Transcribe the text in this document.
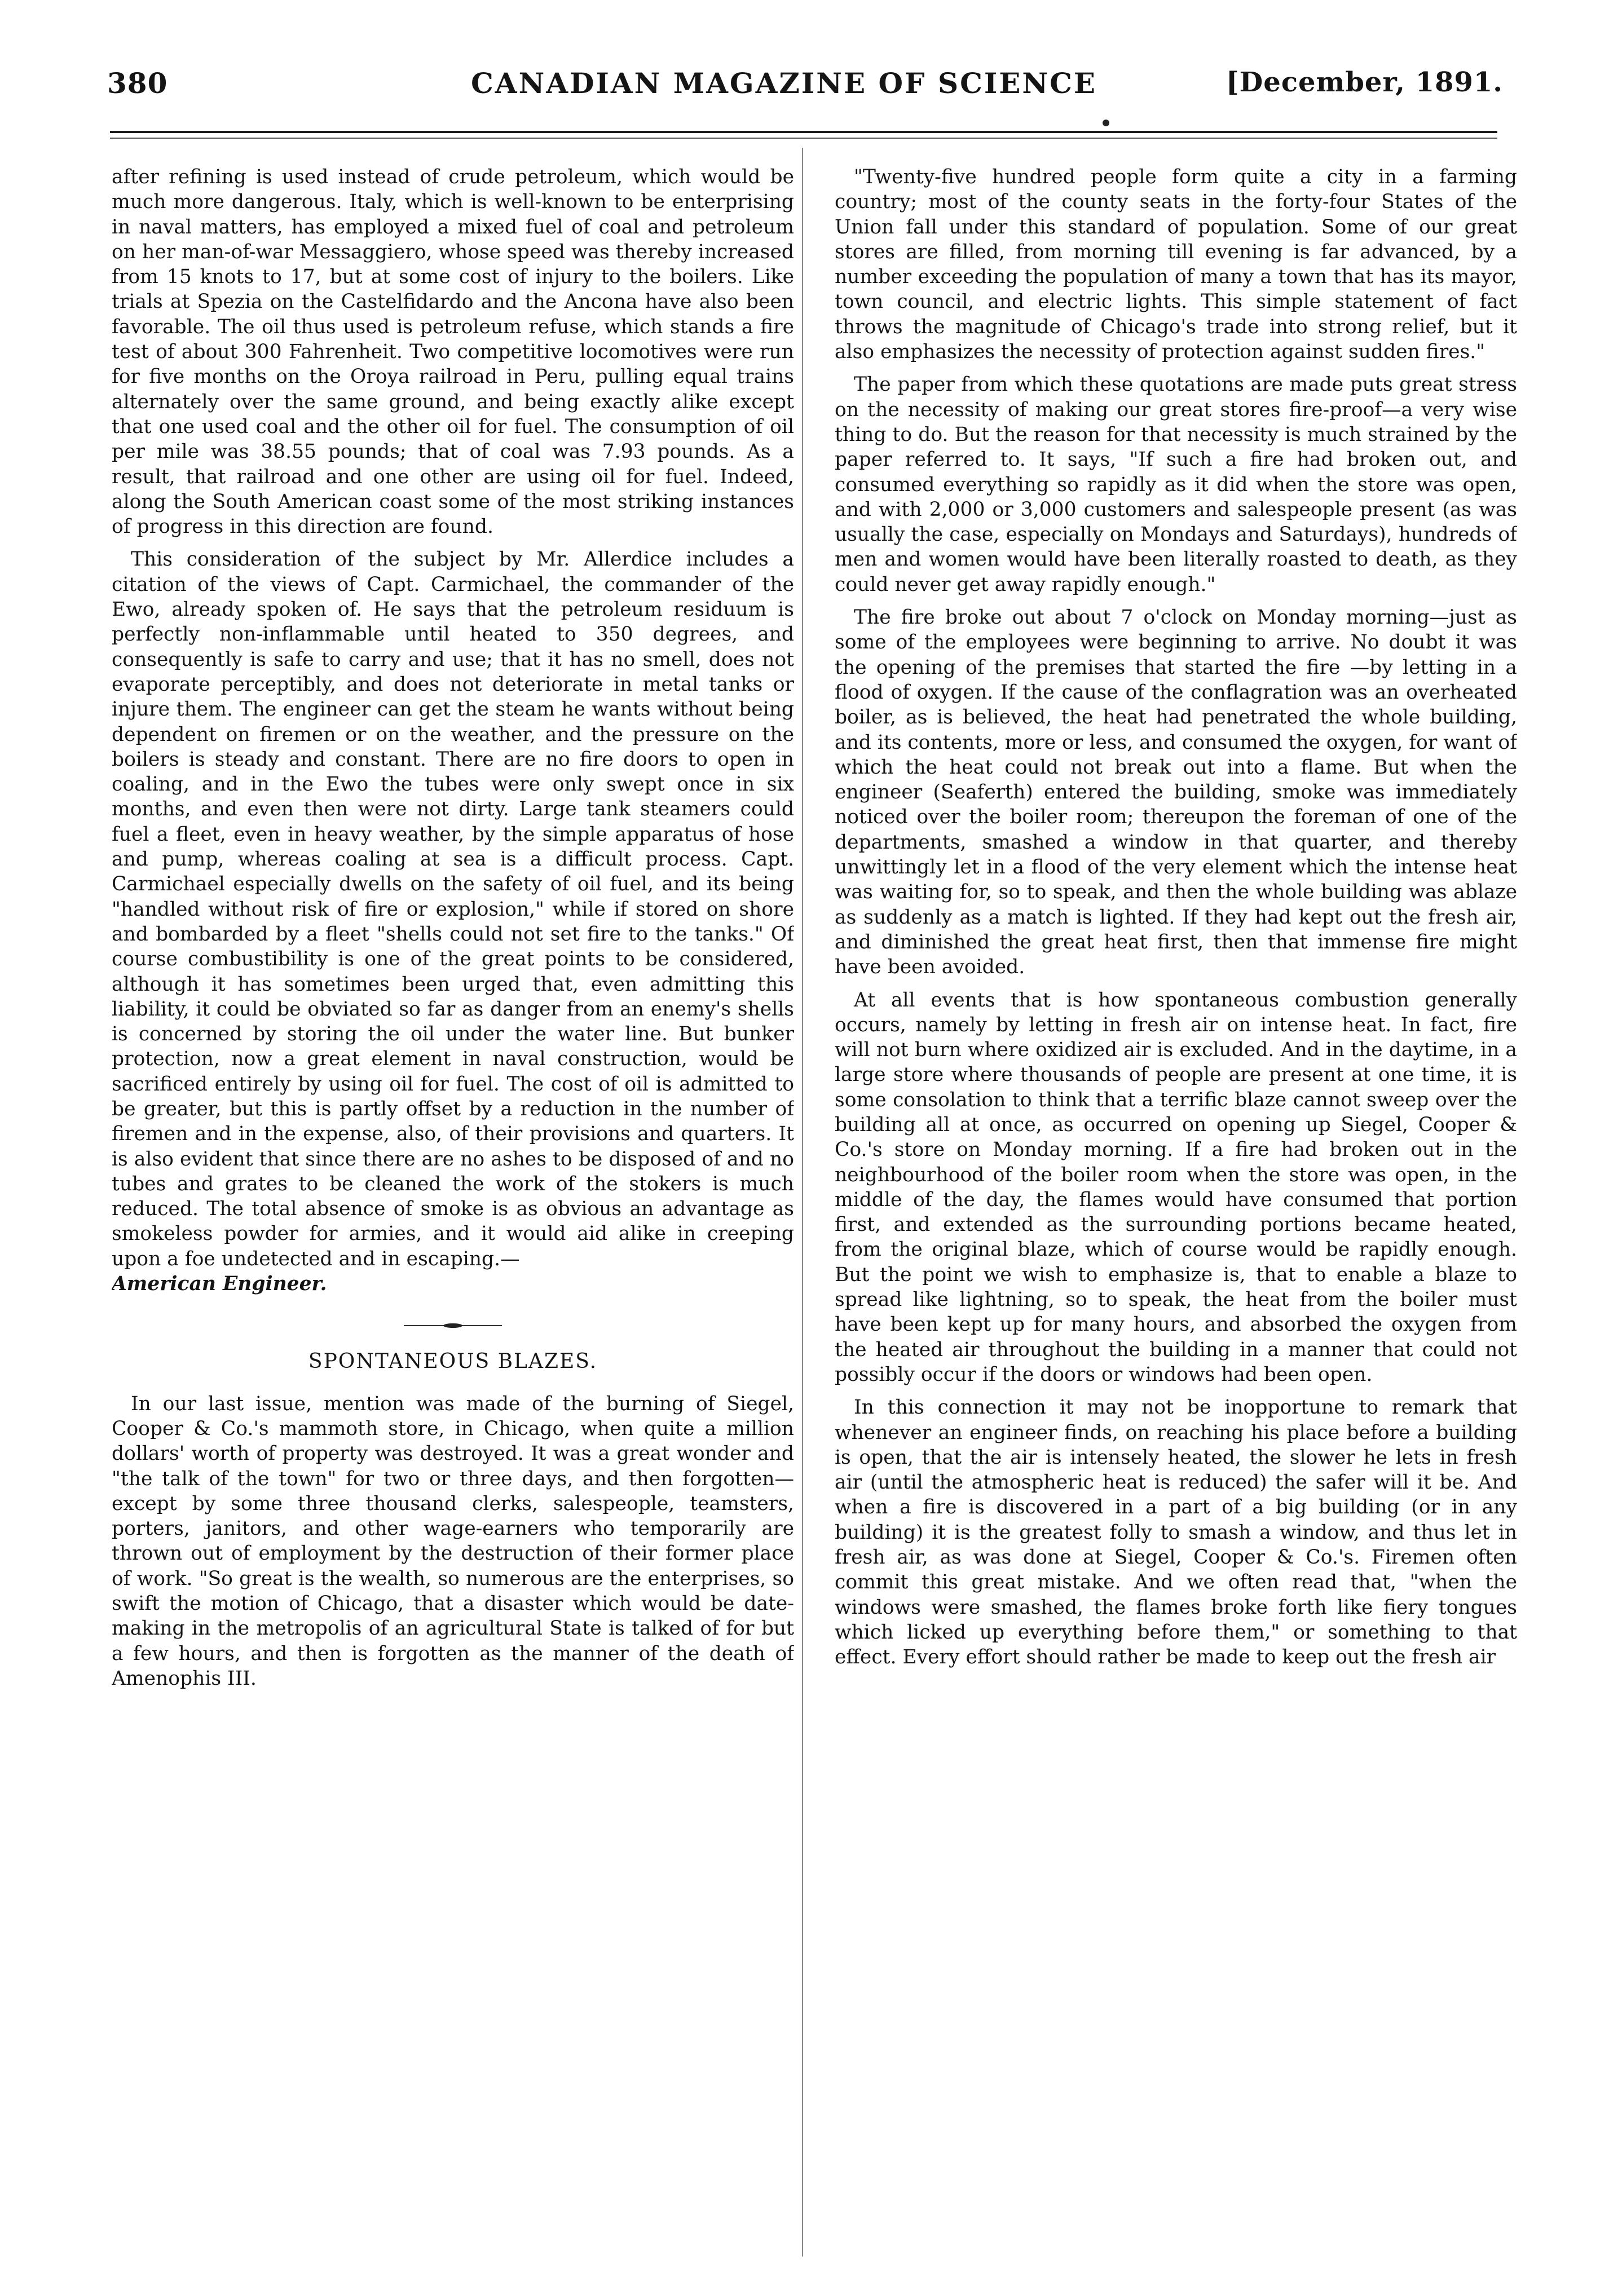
380	CANADIAN MAGAZINE OF SCIENCE	[December, 1891.

after refining is used instead of crude petroleum, which would be much more dangerous. Italy, which is well-known to be enterprising in naval matters, has employed a mixed fuel of coal and petroleum on her man-of-war Messaggiero, whose speed was thereby increased from 15 knots to 17, but at some cost of injury to the boilers. Like trials at Spezia on the Castelfidardo and the Ancona have also been favorable. The oil thus used is petroleum refuse, which stands a fire test of about 300 Fahrenheit. Two competitive locomotives were run for five months on the Oroya railroad in Peru, pulling equal trains alternately over the same ground, and being exactly alike except that one used coal and the other oil for fuel. The consumption of oil per mile was 38.55 pounds; that of coal was 7.93 pounds. As a result, that railroad and one other are using oil for fuel. Indeed, along the South American coast some of the most striking instances of progress in this direction are found.

This consideration of the subject by Mr. Allerdice includes a citation of the views of Capt. Carmichael, the commander of the Ewo, already spoken of. He says that the petroleum residuum is perfectly non-inflammable until heated to 350 degrees, and consequently is safe to carry and use; that it has no smell, does not evaporate perceptibly, and does not deteriorate in metal tanks or injure them. The engineer can get the steam he wants without being dependent on firemen or on the weather, and the pressure on the boilers is steady and constant. There are no fire doors to open in coaling, and in the Ewo the tubes were only swept once in six months, and even then were not dirty. Large tank steamers could fuel a fleet, even in heavy weather, by the simple apparatus of hose and pump, whereas coaling at sea is a difficult process. Capt. Carmichael especially dwells on the safety of oil fuel, and its being "handled without risk of fire or explosion," while if stored on shore and bombarded by a fleet "shells could not set fire to the tanks." Of course combustibility is one of the great points to be considered, although it has sometimes been urged that, even admitting this liability, it could be obviated so far as danger from an enemy's shells is concerned by storing the oil under the water line. But bunker protection, now a great element in naval construction, would be sacrificed entirely by using oil for fuel. The cost of oil is admitted to be greater, but this is partly offset by a reduction in the number of firemen and in the expense, also, of their provisions and quarters. It is also evident that since there are no ashes to be disposed of and no tubes and grates to be cleaned the work of the stokers is much reduced. The total absence of smoke is as obvious an advantage as smokeless powder for armies, and it would aid alike in creeping upon a foe undetected and in escaping.—

American Engineer.

SPONTANEOUS BLAZES.

In our last issue, mention was made of the burning of Siegel, Cooper & Co.'s mammoth store, in Chicago, when quite a million dollars' worth of property was destroyed. It was a great wonder and "the talk of the town" for two or three days, and then forgotten—except by some three thousand clerks, salespeople, teamsters, porters, janitors, and other wage-earners who temporarily are thrown out of employment by the destruction of their former place of work. "So great is the wealth, so numerous are the enterprises, so swift the motion of Chicago, that a disaster which would be date-making in the metropolis of an agricultural State is talked of for but a few hours, and then is forgotten as the manner of the death of Amenophis III.

"Twenty-five hundred people form quite a city in a farming country; most of the county seats in the forty-four States of the Union fall under this standard of population. Some of our great stores are filled, from morning till evening is far advanced, by a number exceeding the population of many a town that has its mayor, town council, and electric lights. This simple statement of fact throws the magnitude of Chicago's trade into strong relief, but it also emphasizes the necessity of protection against sudden fires."

The paper from which these quotations are made puts great stress on the necessity of making our great stores fire-proof—a very wise thing to do. But the reason for that necessity is much strained by the paper referred to. It says, "If such a fire had broken out, and consumed everything so rapidly as it did when the store was open, and with 2,000 or 3,000 customers and salespeople present (as was usually the case, especially on Mondays and Saturdays), hundreds of men and women would have been literally roasted to death, as they could never get away rapidly enough."

The fire broke out about 7 o'clock on Monday morning—just as some of the employees were beginning to arrive. No doubt it was the opening of the premises that started the fire —by letting in a flood of oxygen. If the cause of the conflagration was an overheated boiler, as is believed, the heat had penetrated the whole building, and its contents, more or less, and consumed the oxygen, for want of which the heat could not break out into a flame. But when the engineer (Seaferth) entered the building, smoke was immediately noticed over the boiler room; thereupon the foreman of one of the departments, smashed a window in that quarter, and thereby unwittingly let in a flood of the very element which the intense heat was waiting for, so to speak, and then the whole building was ablaze as suddenly as a match is lighted. If they had kept out the fresh air, and diminished the great heat first, then that immense fire might have been avoided.

At all events that is how spontaneous combustion generally occurs, namely by letting in fresh air on intense heat. In fact, fire will not burn where oxidized air is excluded. And in the daytime, in a large store where thousands of people are present at one time, it is some consolation to think that a terrific blaze cannot sweep over the building all at once, as occurred on opening up Siegel, Cooper & Co.'s store on Monday morning. If a fire had broken out in the neighbourhood of the boiler room when the store was open, in the middle of the day, the flames would have consumed that portion first, and extended as the surrounding portions became heated, from the original blaze, which of course would be rapidly enough. But the point we wish to emphasize is, that to enable a blaze to spread like lightning, so to speak, the heat from the boiler must have been kept up for many hours, and absorbed the oxygen from the heated air throughout the building in a manner that could not possibly occur if the doors or windows had been open.

In this connection it may not be inopportune to remark that whenever an engineer finds, on reaching his place before a building is open, that the air is intensely heated, the slower he lets in fresh air (until the atmospheric heat is reduced) the safer will it be. And when a fire is discovered in a part of a big building (or in any building) it is the greatest folly to smash a window, and thus let in fresh air, as was done at Siegel, Cooper & Co.'s. Firemen often commit this great mistake. And we often read that, "when the windows were smashed, the flames broke forth like fiery tongues which licked up everything before them," or something to that effect. Every effort should rather be made to keep out the fresh air
